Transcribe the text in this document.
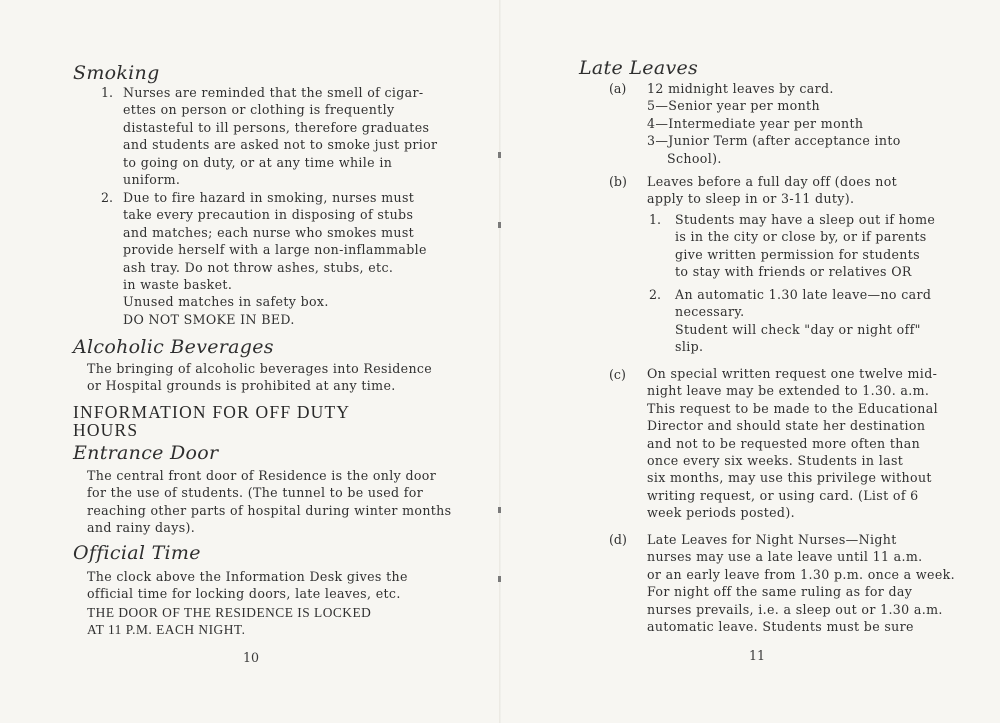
Smoking
1. Nurses are reminded that the smell of cigar-
ettes on person or clothing is frequently
distasteful to ill persons, therefore graduates
and students are asked not to smoke just prior
to going on duty, or at any time while in
uniform.
2. Due to fire hazard in smoking, nurses must
take every precaution in disposing of stubs
and matches; each nurse who smokes must
provide herself with a large non-inflammable
ash tray. Do not throw ashes, stubs, etc.
in waste basket.
Unused matches in safety box.
DO NOT SMOKE IN BED.
Alcoholic Beverages
The bringing of alcoholic beverages into Residence
or Hospital grounds is prohibited at any time.
INFORMATION FOR OFF DUTY
HOURS
Entrance Door
The central front door of Residence is the only door
for the use of students. (The tunnel to be used for
reaching other parts of hospital during winter months
and rainy days).
Official Time
The clock above the Information Desk gives the
official time for locking doors, late leaves, etc.
THE DOOR OF THE RESIDENCE IS LOCKED
AT 11 P.M. EACH NIGHT.
10
Late Leaves
(a) 12 midnight leaves by card.
5—Senior year per month
4—Intermediate year per month
3—Junior Term (after acceptance into
School).
(b) Leaves before a full day off (does not
apply to sleep in or 3-11 duty).
1. Students may have a sleep out if home
is in the city or close by, or if parents
give written permission for students
to stay with friends or relatives OR
2. An automatic 1.30 late leave—no card
necessary.
Student will check "day or night off"
slip.
(c) On special written request one twelve mid-
night leave may be extended to 1.30. a.m.
This request to be made to the Educational
Director and should state her destination
and not to be requested more often than
once every six weeks. Students in last
six months, may use this privilege without
writing request, or using card. (List of 6
week periods posted).
(d) Late Leaves for Night Nurses—Night
nurses may use a late leave until 11 a.m.
or an early leave from 1.30 p.m. once a week.
For night off the same ruling as for day
nurses prevails, i.e. a sleep out or 1.30 a.m.
automatic leave. Students must be sure
11
